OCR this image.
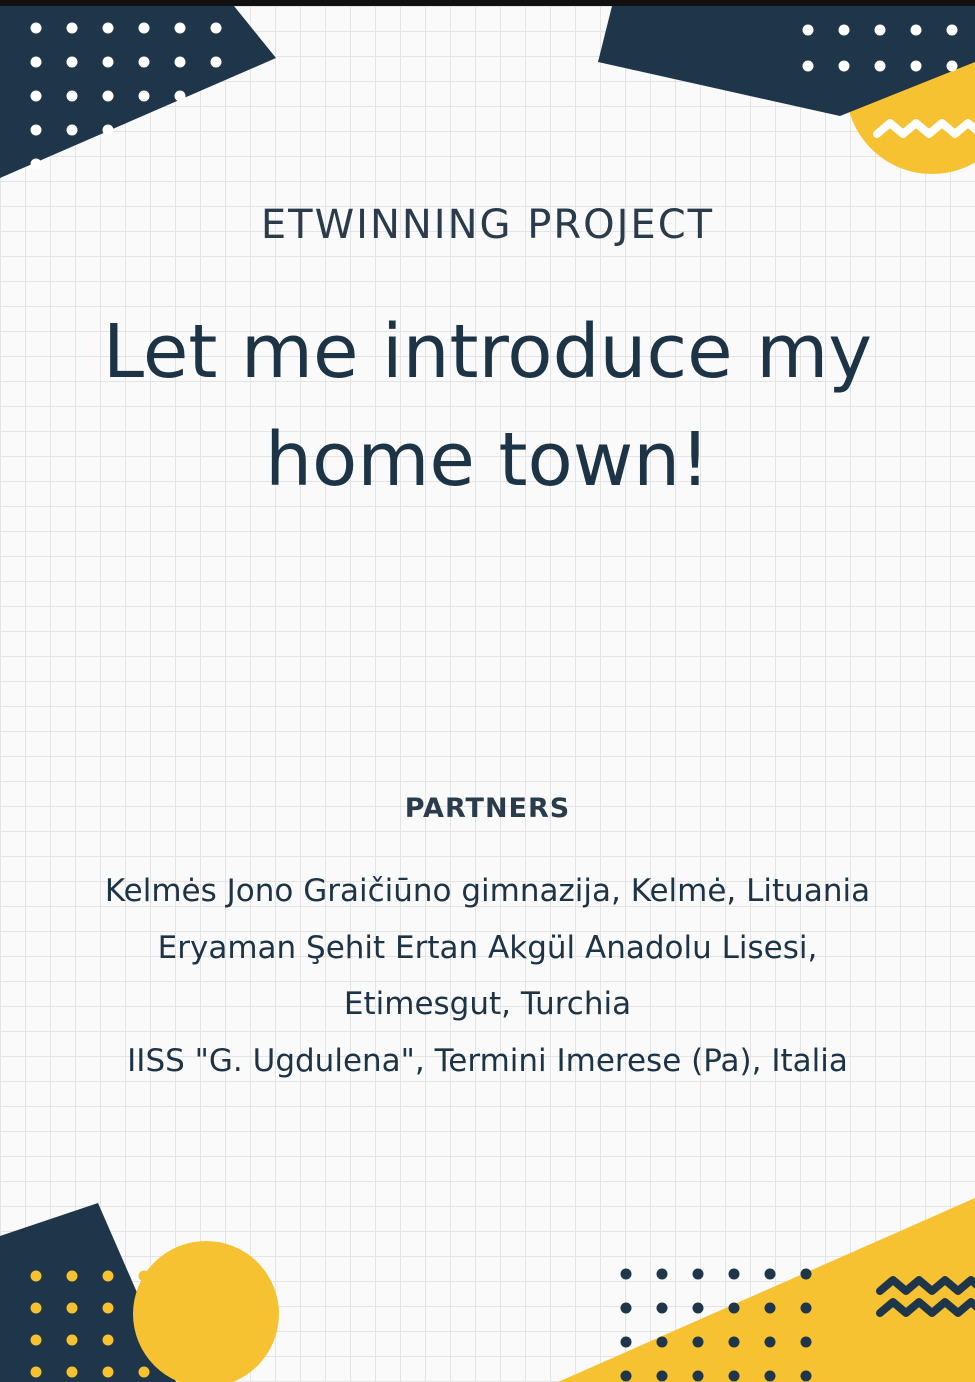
ETWINNING PROJECT
Let me introduce my home town!
PARTNERS
Kelmės Jono Graičiūno gimnazija, Kelmė, Lituania
Eryaman Şehit Ertan Akgül Anadolu Lisesi, Etimesgut, Turchia
IISS "G. Ugdulena", Termini Imerese (Pa), Italia
